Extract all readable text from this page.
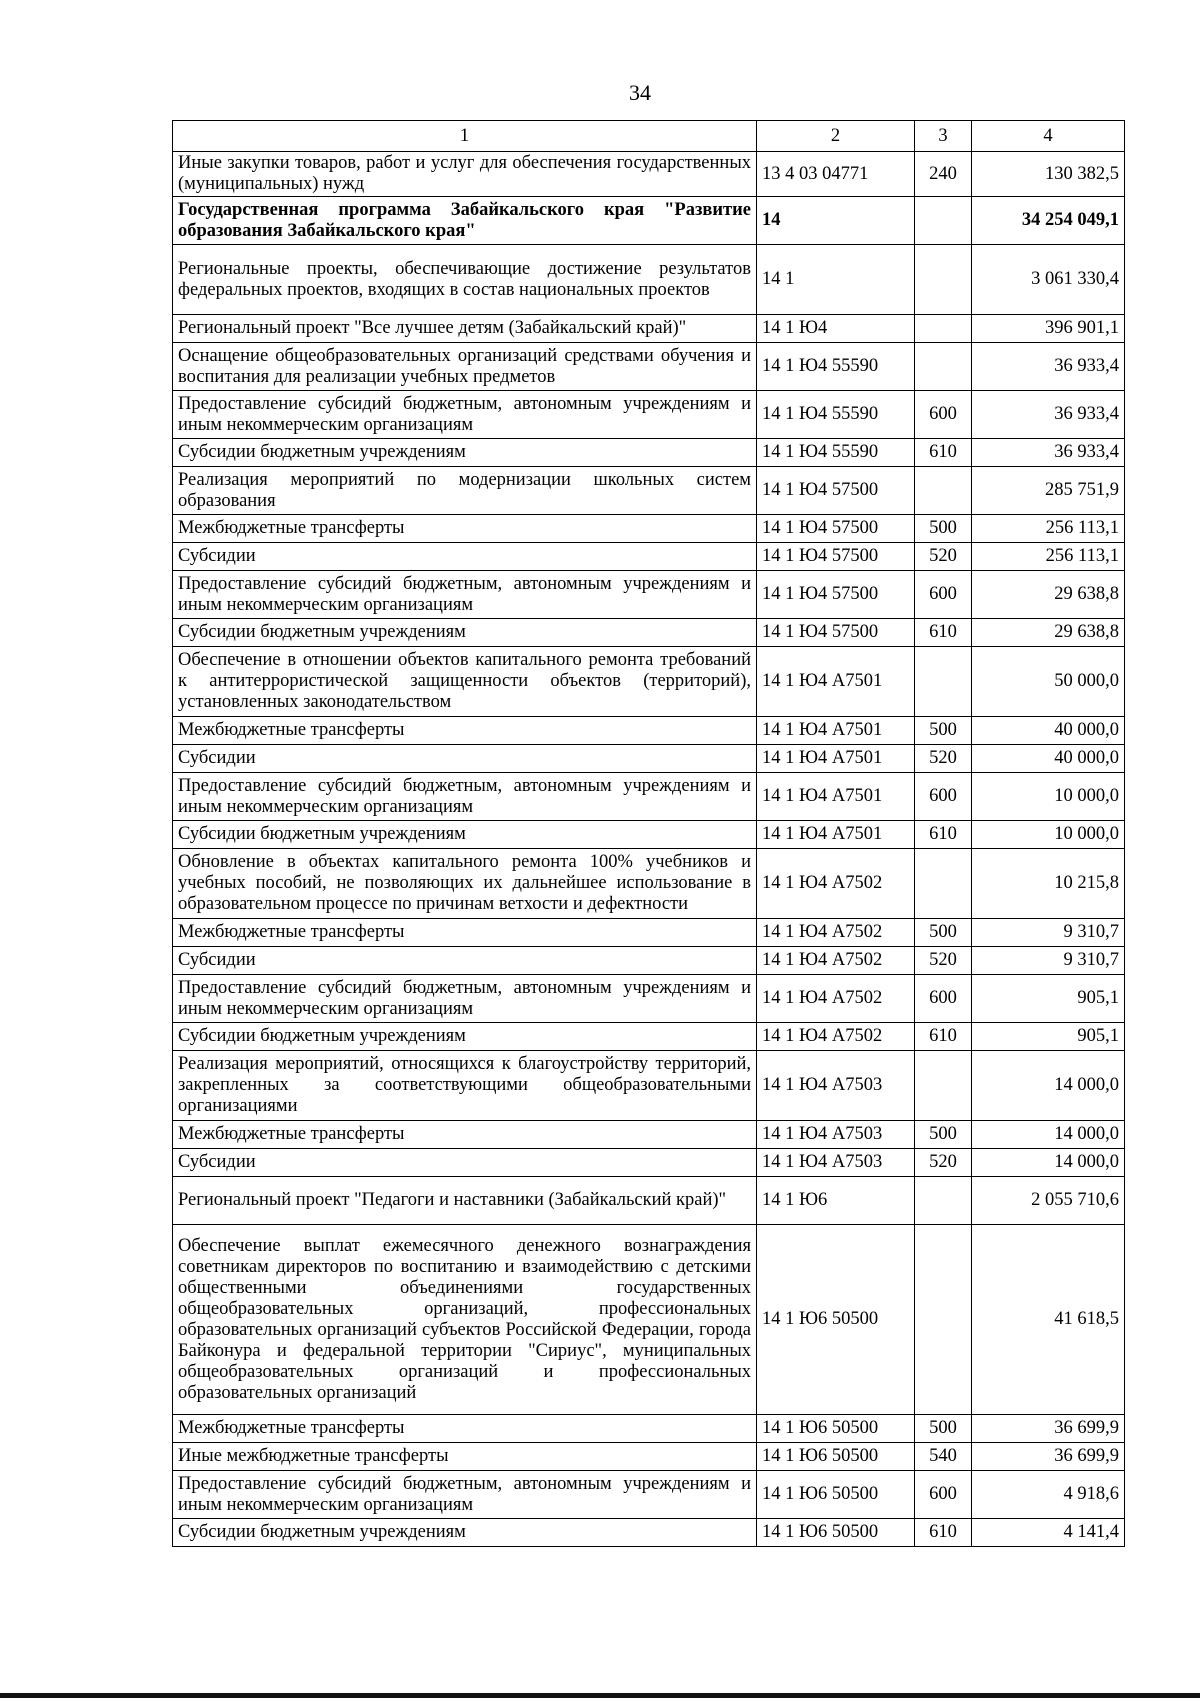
34
1	2	3	4
Иные закупки товаров, работ и услуг для обеспечения государственных (муниципальных) нужд	13 4 03 04771	240	130 382,5
Государственная программа Забайкальского края "Развитие образования Забайкальского края"	14		34 254 049,1
Региональные проекты, обеспечивающие достижение результатов федеральных проектов, входящих в состав национальных проектов	14 1		3 061 330,4
Региональный проект "Все лучшее детям (Забайкальский край)"	14 1 Ю4		396 901,1
Оснащение общеобразовательных организаций средствами обучения и воспитания для реализации учебных предметов	14 1 Ю4 55590		36 933,4
Предоставление субсидий бюджетным, автономным учреждениям и иным некоммерческим организациям	14 1 Ю4 55590	600	36 933,4
Субсидии бюджетным учреждениям	14 1 Ю4 55590	610	36 933,4
Реализация мероприятий по модернизации школьных систем образования	14 1 Ю4 57500		285 751,9
Межбюджетные трансферты	14 1 Ю4 57500	500	256 113,1
Субсидии	14 1 Ю4 57500	520	256 113,1
Предоставление субсидий бюджетным, автономным учреждениям и иным некоммерческим организациям	14 1 Ю4 57500	600	29 638,8
Субсидии бюджетным учреждениям	14 1 Ю4 57500	610	29 638,8
Обеспечение в отношении объектов капитального ремонта требований к антитеррористической защищенности объектов (территорий), установленных законодательством	14 1 Ю4 А7501		50 000,0
Межбюджетные трансферты	14 1 Ю4 А7501	500	40 000,0
Субсидии	14 1 Ю4 А7501	520	40 000,0
Предоставление субсидий бюджетным, автономным учреждениям и иным некоммерческим организациям	14 1 Ю4 А7501	600	10 000,0
Субсидии бюджетным учреждениям	14 1 Ю4 А7501	610	10 000,0
Обновление в объектах капитального ремонта 100% учебников и учебных пособий, не позволяющих их дальнейшее использование в образовательном процессе по причинам ветхости и дефектности	14 1 Ю4 А7502		10 215,8
Межбюджетные трансферты	14 1 Ю4 А7502	500	9 310,7
Субсидии	14 1 Ю4 А7502	520	9 310,7
Предоставление субсидий бюджетным, автономным учреждениям и иным некоммерческим организациям	14 1 Ю4 А7502	600	905,1
Субсидии бюджетным учреждениям	14 1 Ю4 А7502	610	905,1
Реализация мероприятий, относящихся к благоустройству территорий, закрепленных за соответствующими общеобразовательными организациями	14 1 Ю4 А7503		14 000,0
Межбюджетные трансферты	14 1 Ю4 А7503	500	14 000,0
Субсидии	14 1 Ю4 А7503	520	14 000,0
Региональный проект "Педагоги и наставники (Забайкальский край)"	14 1 Ю6		2 055 710,6
Обеспечение выплат ежемесячного денежного вознаграждения советникам директоров по воспитанию и взаимодействию с детскими общественными объединениями государственных общеобразовательных организаций, профессиональных образовательных организаций субъектов Российской Федерации, города Байконура и федеральной территории "Сириус", муниципальных общеобразовательных организаций и профессиональных образовательных организаций	14 1 Ю6 50500		41 618,5
Межбюджетные трансферты	14 1 Ю6 50500	500	36 699,9
Иные межбюджетные трансферты	14 1 Ю6 50500	540	36 699,9
Предоставление субсидий бюджетным, автономным учреждениям и иным некоммерческим организациям	14 1 Ю6 50500	600	4 918,6
Субсидии бюджетным учреждениям	14 1 Ю6 50500	610	4 141,4
